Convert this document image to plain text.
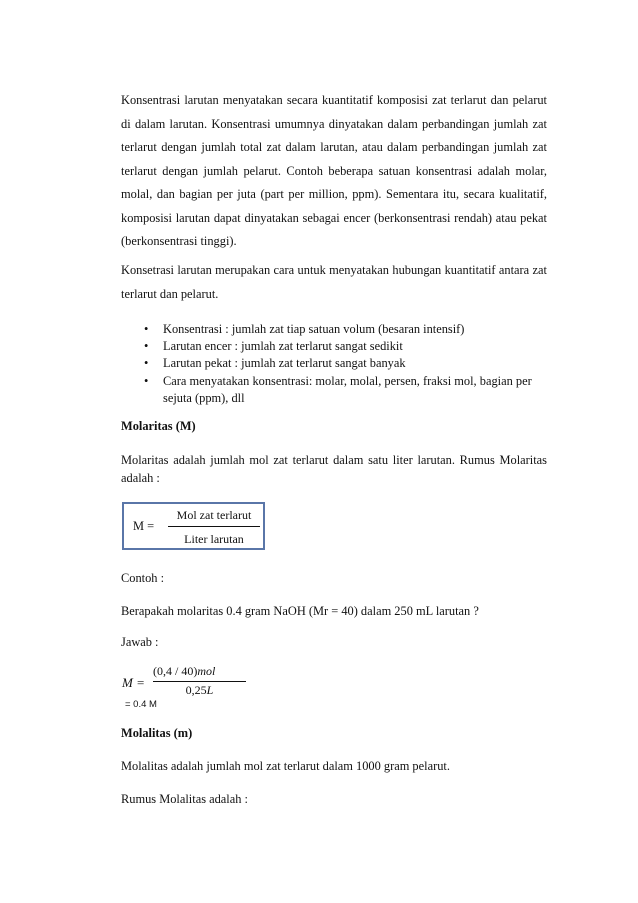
Konsentrasi larutan menyatakan secara kuantitatif komposisi zat terlarut dan pelarut di dalam larutan. Konsentrasi umumnya dinyatakan dalam perbandingan jumlah zat terlarut dengan jumlah total zat dalam larutan, atau dalam perbandingan jumlah zat terlarut dengan jumlah pelarut. Contoh beberapa satuan konsentrasi adalah molar, molal, dan bagian per juta (part per million, ppm). Sementara itu, secara kualitatif, komposisi larutan dapat dinyatakan sebagai encer (berkonsentrasi rendah) atau pekat (berkonsentrasi tinggi).

Konsetrasi larutan merupakan cara untuk menyatakan hubungan kuantitatif antara zat terlarut dan pelarut.

• Konsentrasi : jumlah zat tiap satuan volum (besaran intensif)
• Larutan encer : jumlah zat terlarut sangat sedikit
• Larutan pekat : jumlah zat terlarut sangat banyak
• Cara menyatakan konsentrasi: molar, molal, persen, fraksi mol, bagian per sejuta (ppm), dll
Molaritas (M)

Molaritas adalah jumlah mol zat terlarut dalam satu liter larutan. Rumus Molaritas adalah :

M =
Mol zat terlarut
Liter larutan
Contoh :
Berapakah molaritas 0.4 gram NaOH (Mr = 40) dalam 250 mL larutan ?
Jawab :
M =
(0,4 / 40)mol
0,25L
= 0.4 M
Molalitas (m)
Molalitas adalah jumlah mol zat terlarut dalam 1000 gram pelarut.
Rumus Molalitas adalah :
